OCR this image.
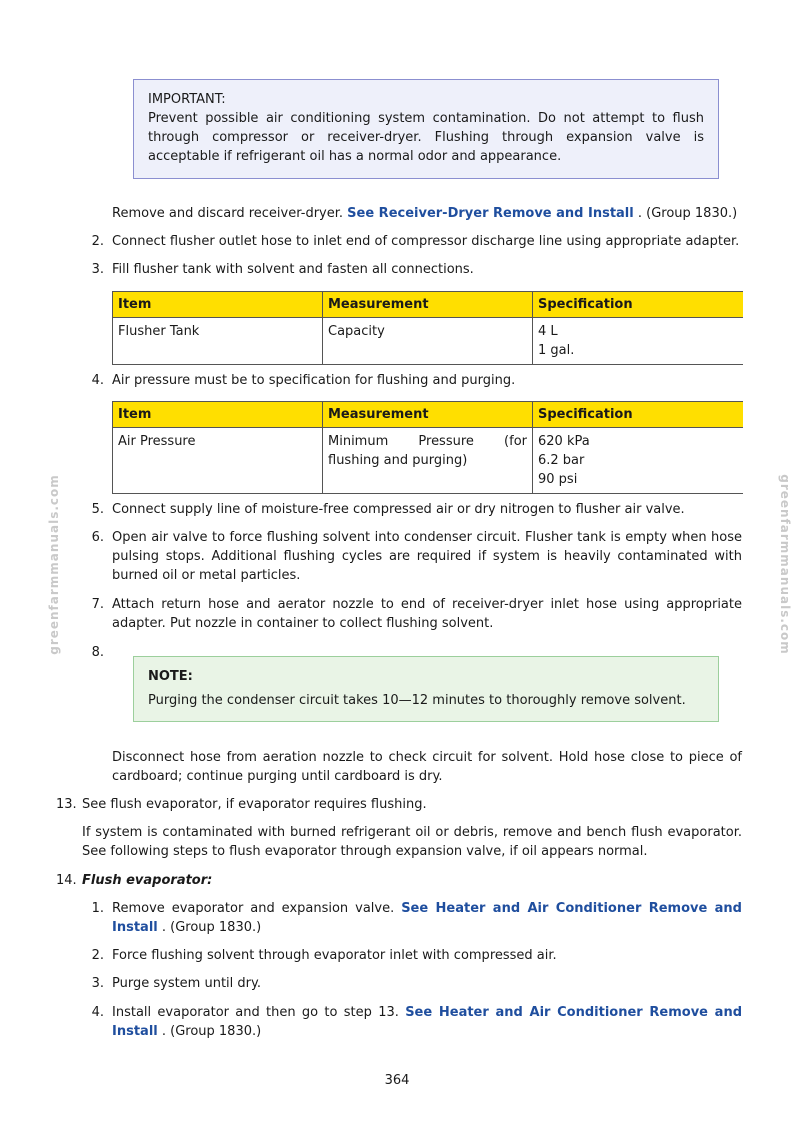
greenfarmmanuals.com	greenfarmmanuals.com
IMPORTANT:
Prevent possible air conditioning system contamination. Do not attempt to flush through compressor or receiver-dryer. Flushing through expansion valve is acceptable if refrigerant oil has a normal odor and appearance.
Remove and discard receiver-dryer. See Receiver-Dryer Remove and Install . (Group 1830.)
2. Connect flusher outlet hose to inlet end of compressor discharge line using appropriate adapter.
3. Fill flusher tank with solvent and fasten all connections.
Item	Measurement	Specification
Flusher Tank	Capacity	4 L
1 gal.
4. Air pressure must be to specification for flushing and purging.
Item	Measurement	Specification
Air Pressure	Minimum Pressure (for flushing and purging)	620 kPa
6.2 bar
90 psi
5. Connect supply line of moisture-free compressed air or dry nitrogen to flusher air valve.
6. Open air valve to force flushing solvent into condenser circuit. Flusher tank is empty when hose pulsing stops. Additional flushing cycles are required if system is heavily contaminated with burned oil or metal particles.
7. Attach return hose and aerator nozzle to end of receiver-dryer inlet hose using appropriate adapter. Put nozzle in container to collect flushing solvent.
8.
NOTE:
Purging the condenser circuit takes 10—12 minutes to thoroughly remove solvent.
Disconnect hose from aeration nozzle to check circuit for solvent. Hold hose close to piece of cardboard; continue purging until cardboard is dry.
13. See flush evaporator, if evaporator requires flushing.
If system is contaminated with burned refrigerant oil or debris, remove and bench flush evaporator. See following steps to flush evaporator through expansion valve, if oil appears normal.
14. Flush evaporator:
1. Remove evaporator and expansion valve. See Heater and Air Conditioner Remove and Install . (Group 1830.)
2. Force flushing solvent through evaporator inlet with compressed air.
3. Purge system until dry.
4. Install evaporator and then go to step 13. See Heater and Air Conditioner Remove and Install . (Group 1830.)
364
